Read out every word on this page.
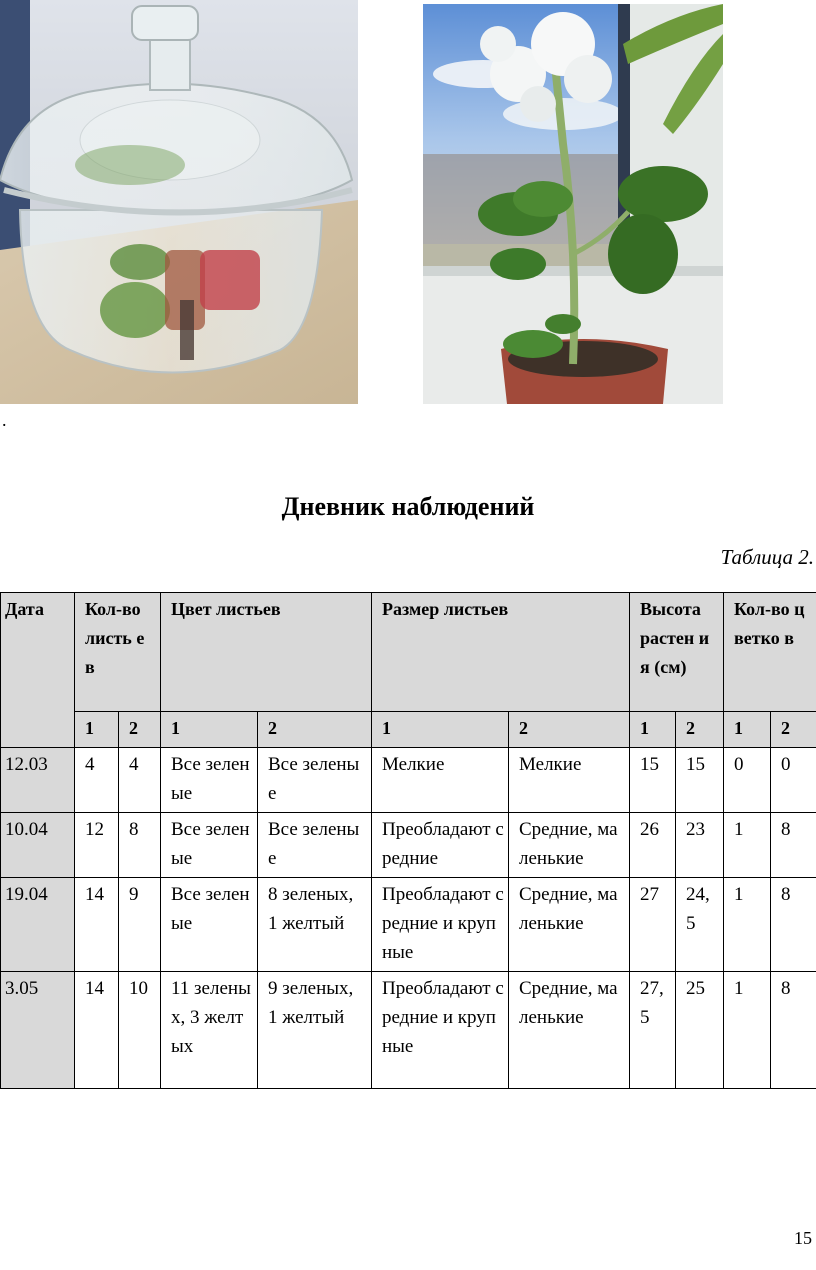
.
Дневник наблюдений
Таблица 2.
Дата	Кол-во листь ев		Цвет листьев		Размер листьев		Высота растен ия (см)		Кол-во цветко в	

	1	2	1	2	1	2	1	2	1	2
12.03	4	4	Все зеленые	Все зеленые	Мелкие	Мелкие	15	15	0	0
10.04	12	8	Все зеленые	Все зеленые	Преобладают средние	Средние, маленькие	26	23	1	8
19.04	14	9	Все зеленые	8 зеленых, 1 желтый	Преобладают средние и крупные	Средние, маленькие	27	24,5	1	8
3.05	14	10	11 зеленых, 3 желтых	9 зеленых, 1 желтый	Преобладают средние и крупные	Средние, маленькие	27,5	25	1	8
15
